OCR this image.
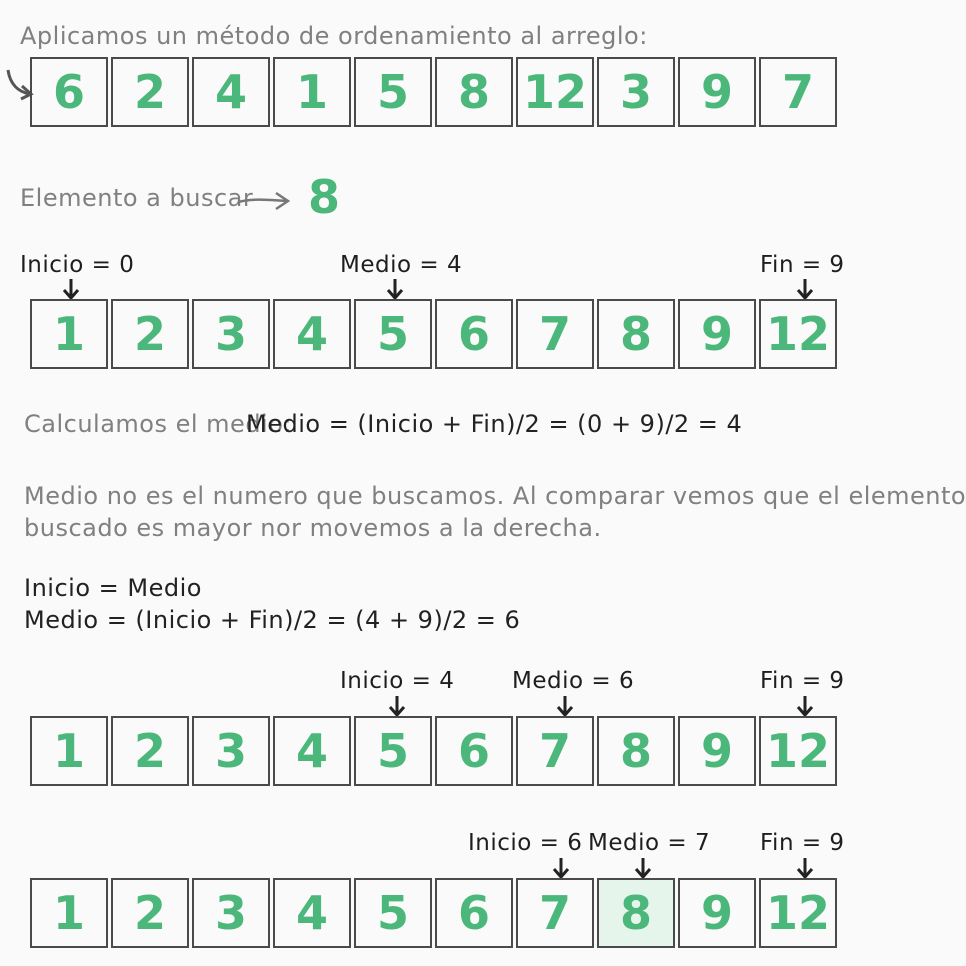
Aplicamos un método de ordenamiento al arreglo:
6	2	4	1	5	8 12 3	9	7
Elemento a buscar 8
Inicio = 0	Medio = 4	Fin = 9
1	2	3	4	5	6	7	8	9 12
Calculamos el medio:
Medio = (Inicio + Fin)/2 = (0 + 9)/2 = 4
Medio no es el numero que buscamos. Al comparar vemos que el elemento
buscado es mayor nor movemos a la derecha.
Inicio = Medio
Medio = (Inicio + Fin)/2 = (4 + 9)/2 = 6
Inicio = 4	Medio = 6	Fin = 9
1	2	3	4	5	6	7	8	9 12
Inicio = 6 Medio = 7 Fin = 9
1	2	3	4	5	6	7	8	9 12
